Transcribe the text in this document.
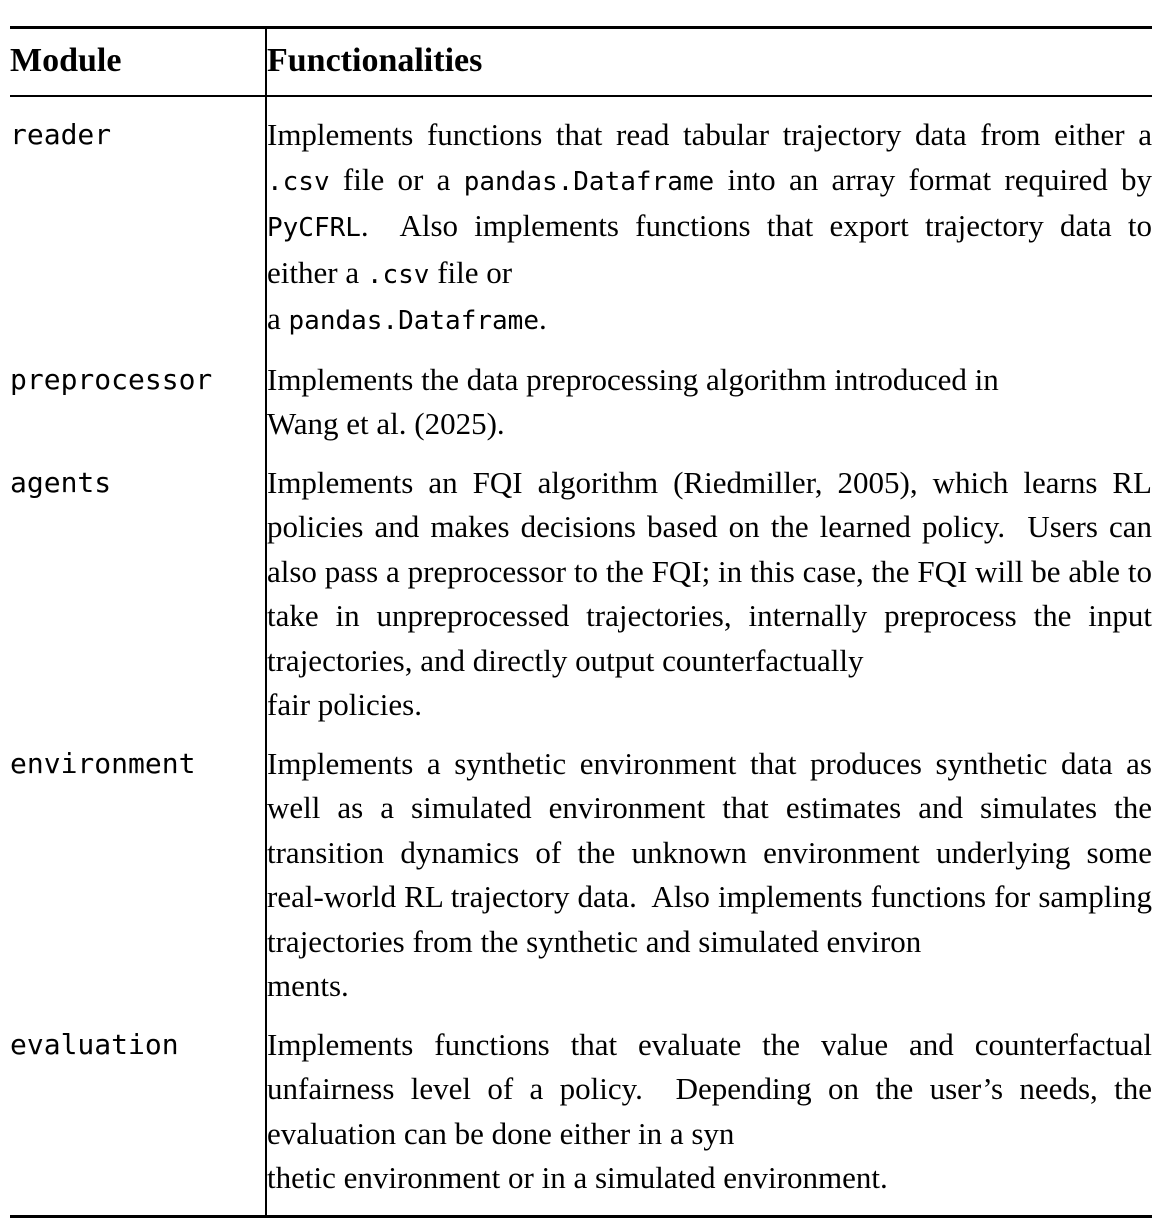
Module	Functionalities

reader	Implements functions that read tabular trajectory data from either a .csv file or a pandas.Dataframe into an array format required by PyCFRL. Also implements func​tions that export trajectory data to either a .csv file or

a pandas.Dataframe.

preprocessor	Implements the data preprocessing algorithm intro​duced in

Wang et al. (2025).

agents	Implements an FQI algorithm (Riedmiller, 2005), which learns RL policies and makes decisions based on the learned policy. Users can also pass a preprocessor to the FQI; in this case, the FQI will be able to take in un​preprocessed trajectories, internally preprocess the in​put trajectories, and directly output counterfactually

fair policies.

environment	Implements a synthetic environment that produces syn​thetic data as well as a simulated environment that esti​mates and simulates the transition dynamics of the un​known environment underlying some real-world RL tra​jectory data. Also implements functions for sampling trajectories from the synthetic and simulated environ​

ments.

evaluation	Implements functions that evaluate the value and coun​terfactual unfairness level of a policy. Depending on the user’s needs, the evaluation can be done either in a syn​

thetic environment or in a simulated environment.
